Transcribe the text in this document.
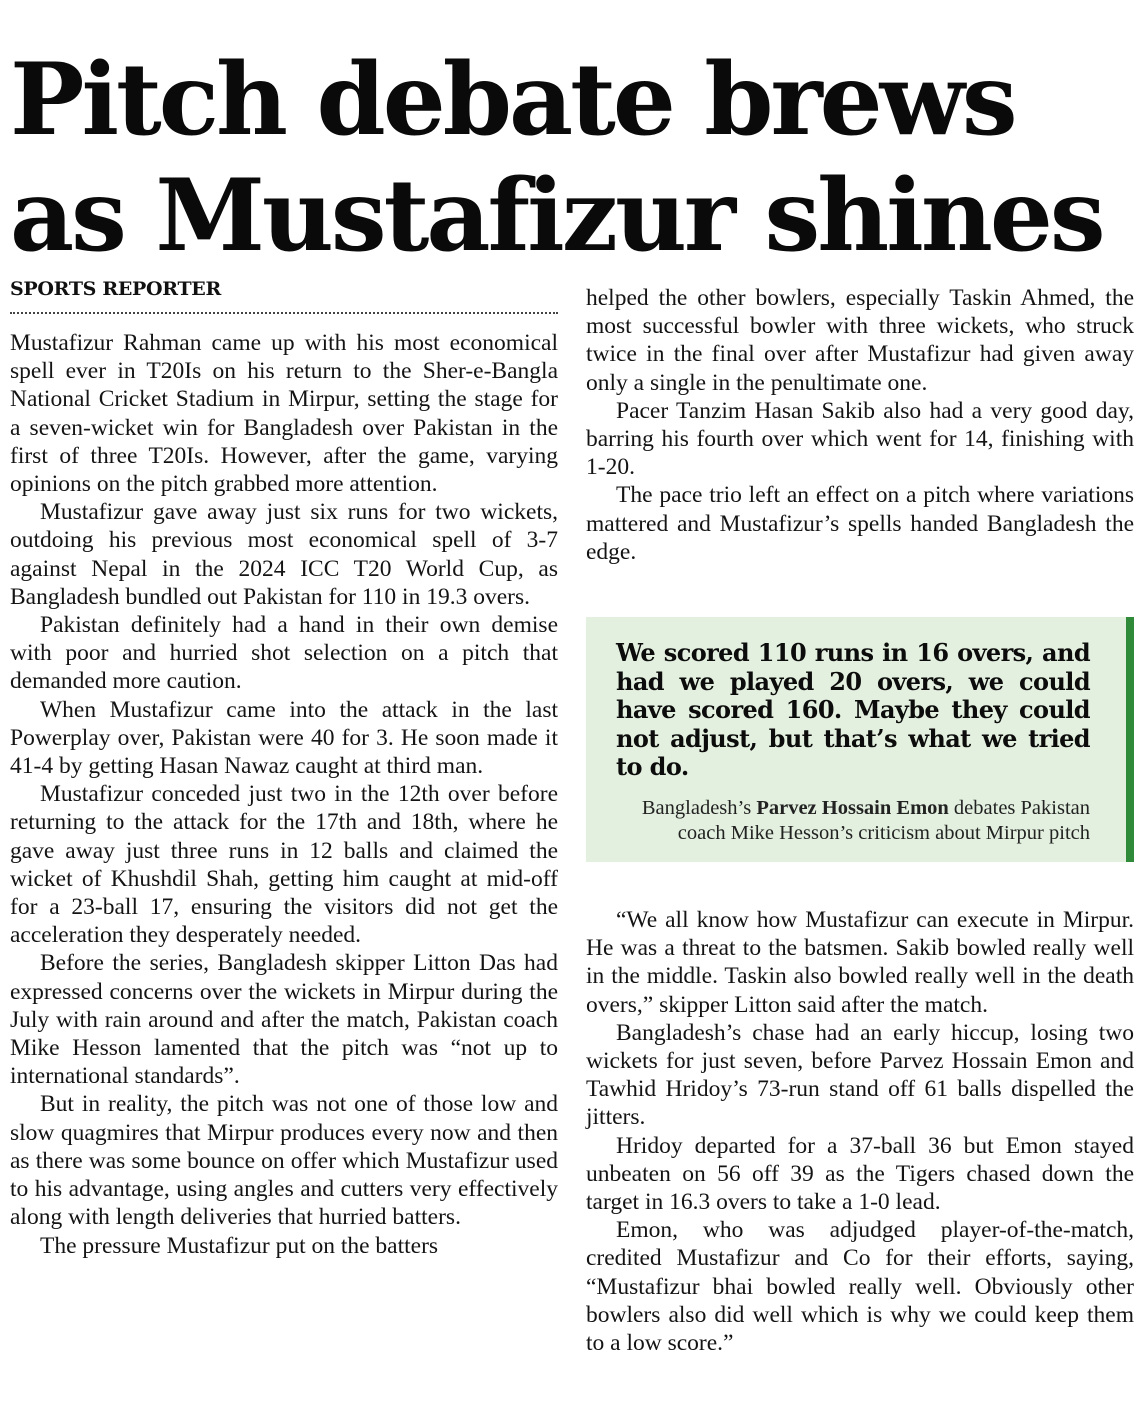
Pitch debate brews as Mustafizur shines
SPORTS REPORTER

Mustafizur Rahman came up with his most economical spell ever in T20Is on his return to the Sher-e-Bangla National Cricket Stadium in Mirpur, setting the stage for a seven-wicket win for Bangladesh over Pakistan in the first of three T20Is. However, after the game, varying opinions on the pitch grabbed more attention.

Mustafizur gave away just six runs for two wickets, outdoing his previous most economical spell of 3-7 against Nepal in the 2024 ICC T20 World Cup, as Bangladesh bundled out Pakistan for 110 in 19.3 overs.

Pakistan definitely had a hand in their own demise with poor and hurried shot selection on a pitch that demanded more caution.

When Mustafizur came into the attack in the last Powerplay over, Pakistan were 40 for 3. He soon made it 41-4 by getting Hasan Nawaz caught at third man.

Mustafizur conceded just two in the 12th over before returning to the attack for the 17th and 18th, where he gave away just three runs in 12 balls and claimed the wicket of Khushdil Shah, getting him caught at mid-off for a 23-ball 17, ensuring the visitors did not get the acceleration they desperately needed.

Before the series, Bangladesh skipper Litton Das had expressed concerns over the wickets in Mirpur during the July with rain around and after the match, Pakistan coach Mike Hesson lamented that the pitch was “not up to international standards”.

But in reality, the pitch was not one of those low and slow quagmires that Mirpur produces every now and then as there was some bounce on offer which Mustafizur used to his advantage, using angles and cutters very effectively along with length deliveries that hurried batters.

The pressure Mustafizur put on the batters

helped the other bowlers, especially Taskin Ahmed, the most successful bowler with three wickets, who struck twice in the final over after Mustafizur had given away only a single in the penultimate one.

Pacer Tanzim Hasan Sakib also had a very good day, barring his fourth over which went for 14, finishing with 1-20.

The pace trio left an effect on a pitch where variations mattered and Mustafizur’s spells handed Bangladesh the edge.

We scored 110 runs in 16 overs, and had we played 20 overs, we could have scored 160. Maybe they could not adjust, but that’s what we tried to do.

Bangladesh’s Parvez Hossain Emon debates Pakistan coach Mike Hesson’s criticism about Mirpur pitch

“We all know how Mustafizur can execute in Mirpur. He was a threat to the batsmen. Sakib bowled really well in the middle. Taskin also bowled really well in the death overs,” skipper Litton said after the match.

Bangladesh’s chase had an early hiccup, losing two wickets for just seven, before Parvez Hossain Emon and Tawhid Hridoy’s 73-run stand off 61 balls dispelled the jitters.

Hridoy departed for a 37-ball 36 but Emon stayed unbeaten on 56 off 39 as the Tigers chased down the target in 16.3 overs to take a 1-0 lead.

Emon, who was adjudged player-of-the-match, credited Mustafizur and Co for their efforts, saying, “Mustafizur bhai bowled really well. Obviously other bowlers also did well which is why we could keep them to a low score.”
